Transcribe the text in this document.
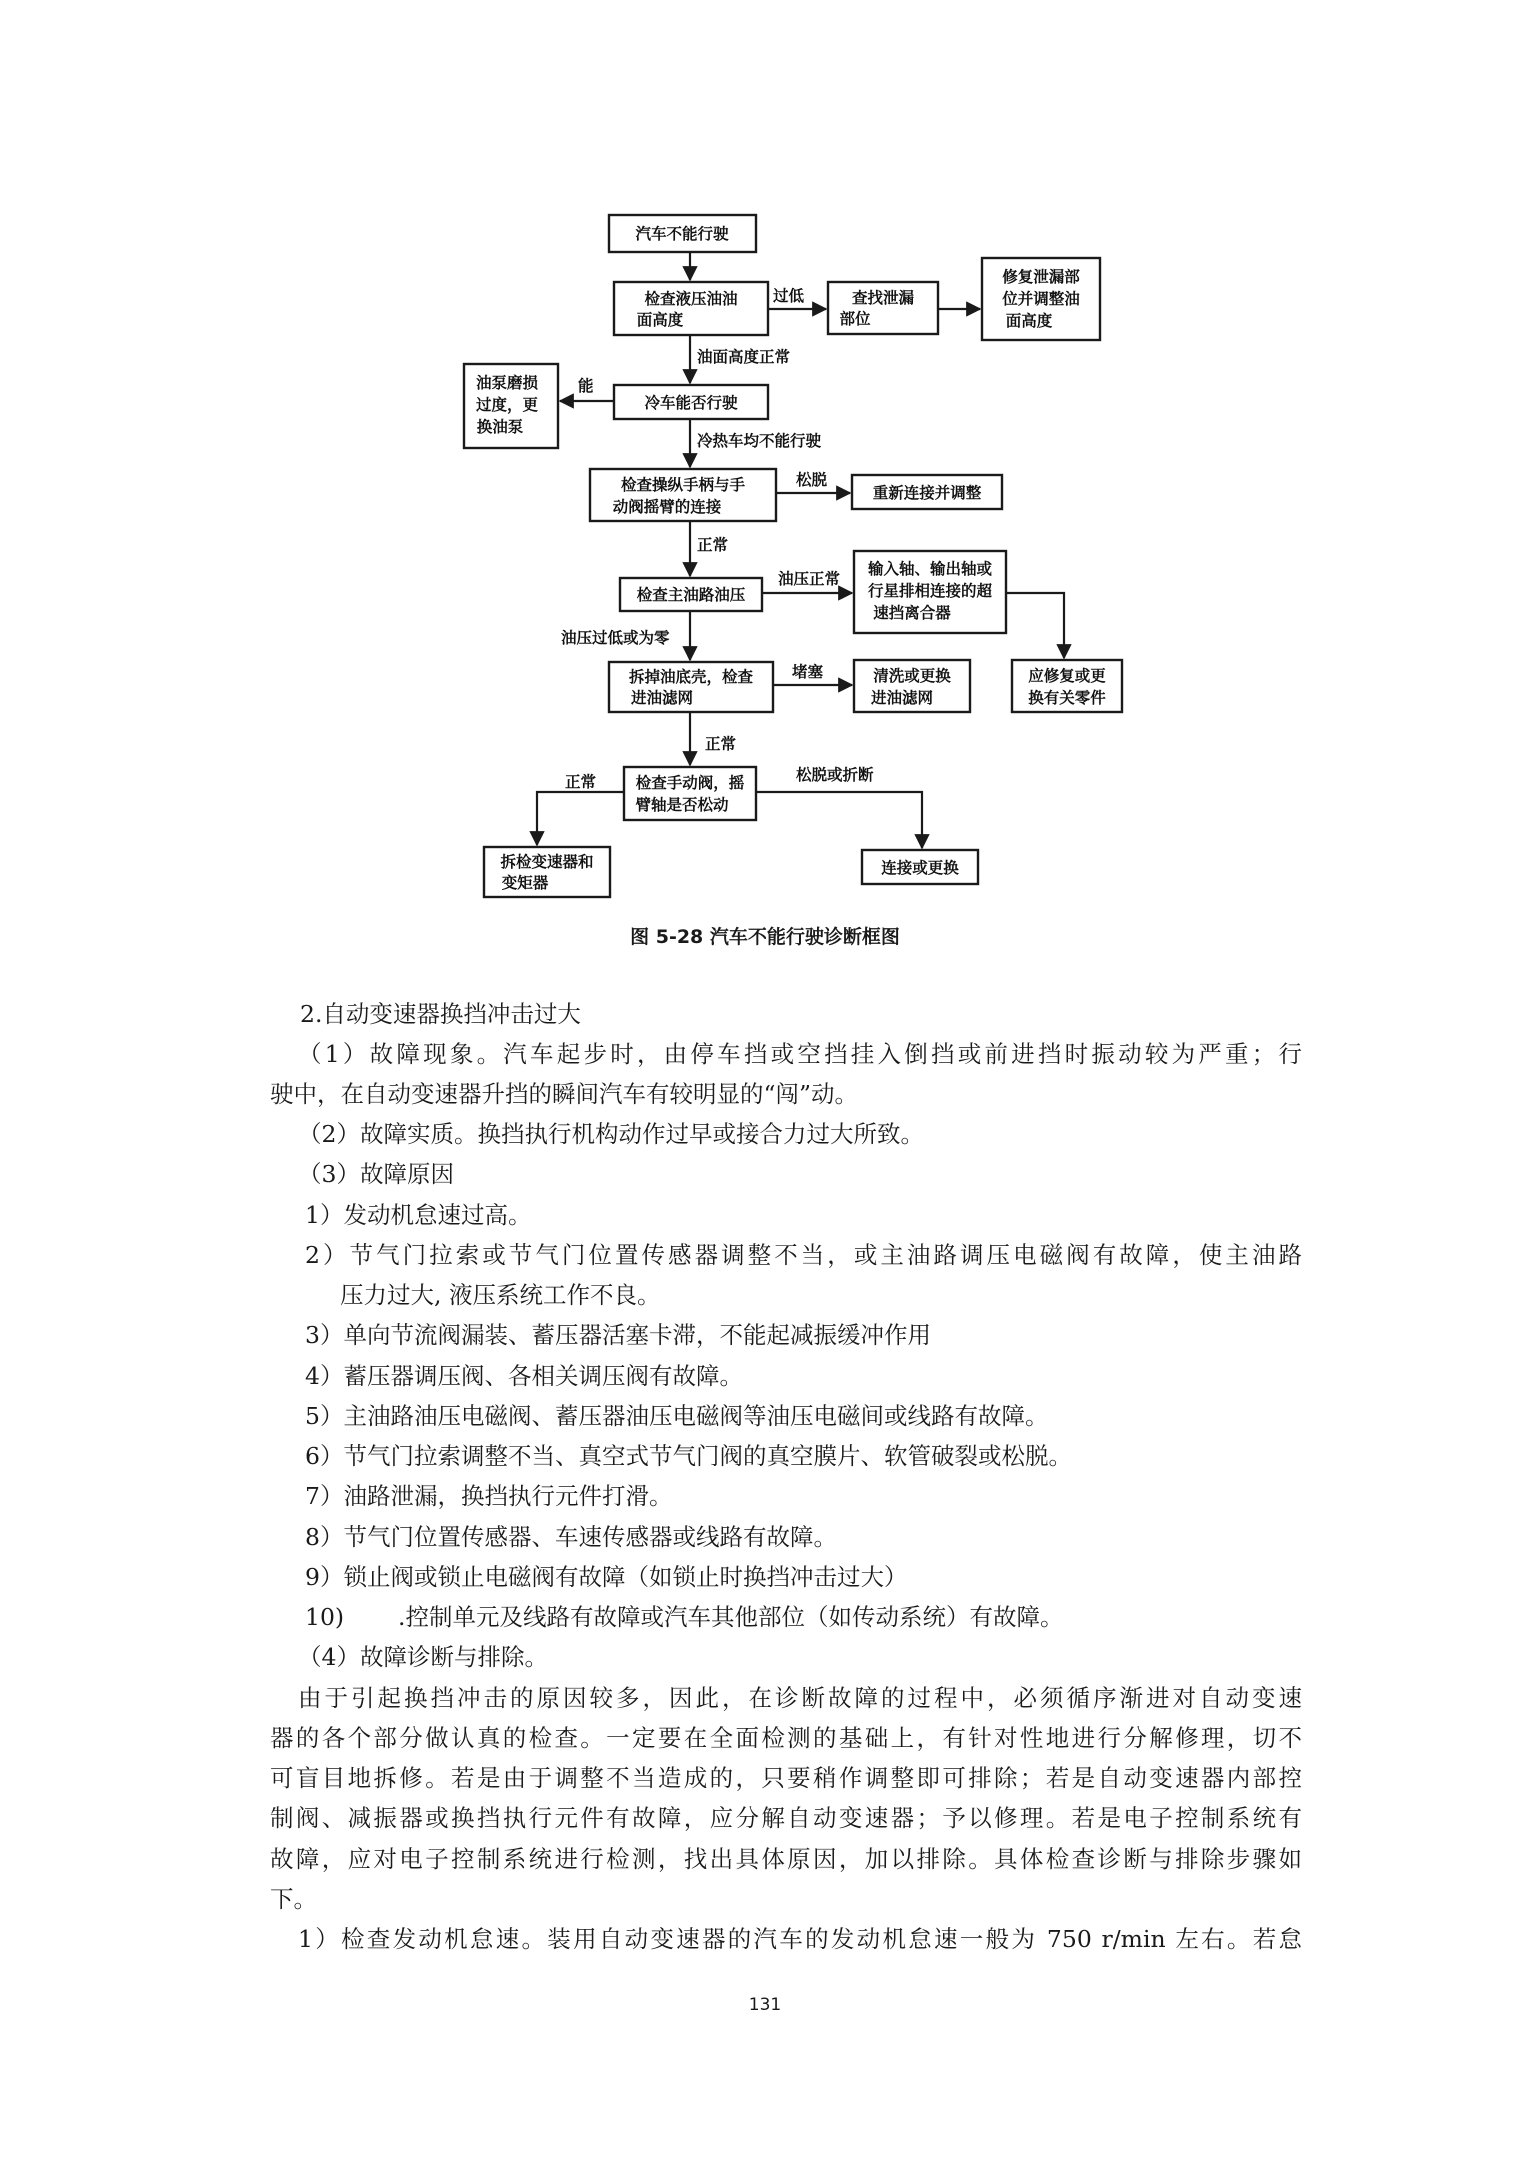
汽车不能行驶
检查液压油油
面高度
查找泄漏
部位
修复泄漏部
位并调整油
面高度
冷车能否行驶
油泵磨损
过度，更
换油泵
检查操纵手柄与手
动阀摇臂的连接
重新连接并调整
检查主油路油压
输入轴、输出轴或
行星排相连接的超
速挡离合器
应修复或更
换有关零件
拆掉油底壳，检查
进油滤网
清洗或更换
进油滤网
检查手动阀，摇
臂轴是否松动
拆检变速器和
变矩器
连接或更换
过低
油面高度正常
能
冷热车均不能行驶
松脱
正常
油压正常
油压过低或为零
堵塞
正常
正常	松脱或折断
图 5-28 汽车不能行驶诊断框图
2.自动变速器换挡冲击过大
（1）故障现象。汽车起步时，由停车挡或空挡挂入倒挡或前进挡时振动较为严重；行
驶中，在自动变速器升挡的瞬间汽车有较明显的“闯”动。
（2）故障实质。换挡执行机构动作过早或接合力过大所致。
（3）故障原因
1）发动机怠速过高。
2）节气门拉索或节气门位置传感器调整不当，或主油路调压电磁阀有故障，使主油路
压力过大, 液压系统工作不良。
3）单向节流阀漏装、蓄压器活塞卡滞，不能起减振缓冲作用
4）蓄压器调压阀、各相关调压阀有故障。
5）主油路油压电磁阀、蓄压器油压电磁阀等油压电磁间或线路有故障。
6）节气门拉索调整不当、真空式节气门阀的真空膜片、软管破裂或松脱。
7）油路泄漏，换挡执行元件打滑。
8）节气门位置传感器、车速传感器或线路有故障。
9）锁止阀或锁止电磁阀有故障（如锁止时换挡冲击过大）
10) .控制单元及线路有故障或汽车其他部位（如传动系统）有故障。
（4）故障诊断与排除。
由于引起换挡冲击的原因较多，因此，在诊断故障的过程中，必须循序渐进对自动变速
器的各个部分做认真的检查。一定要在全面检测的基础上，有针对性地进行分解修理，切不
可盲目地拆修。若是由于调整不当造成的，只要稍作调整即可排除；若是自动变速器内部控
制阀、减振器或换挡执行元件有故障，应分解自动变速器；予以修理。若是电子控制系统有
故障，应对电子控制系统进行检测，找出具体原因，加以排除。具体检查诊断与排除步骤如
下。
1）检查发动机怠速。装用自动变速器的汽车的发动机怠速一般为 750 r/min 左右。若怠
131
